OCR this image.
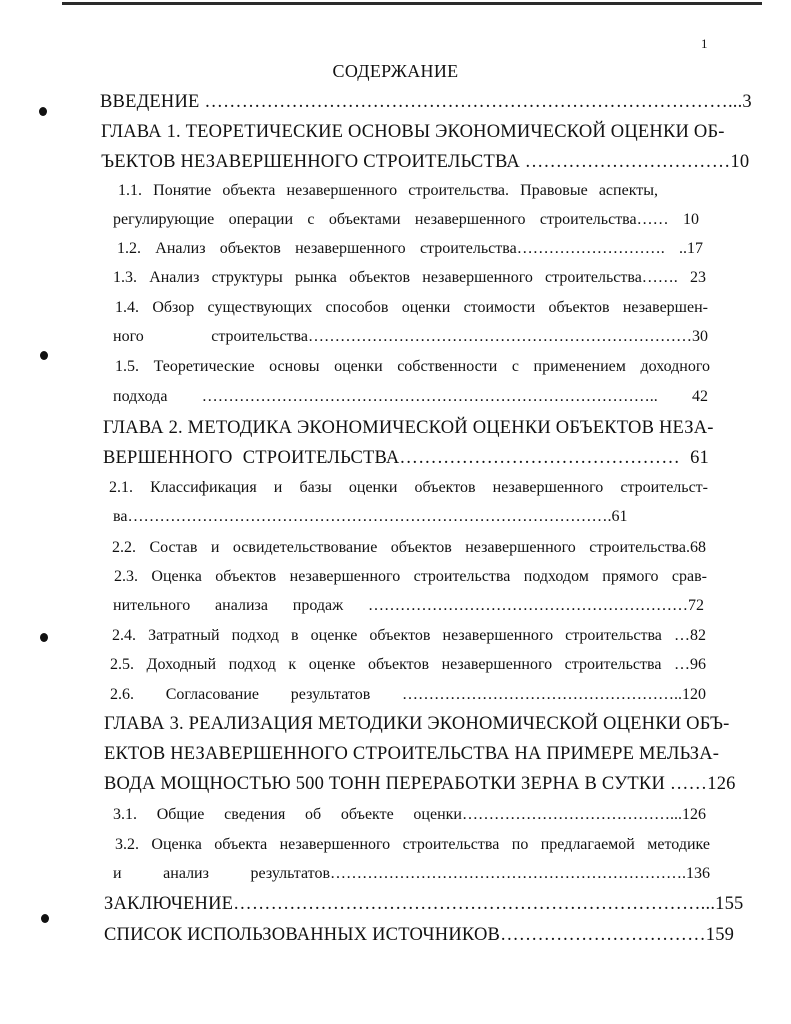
1
СОДЕРЖАНИЕ
ВВЕДЕНИЕ …………………………………………………………………………...3
ГЛАВА 1. ТЕОРЕТИЧЕСКИЕ ОСНОВЫ ЭКОНОМИЧЕСКОЙ ОЦЕНКИ ОБ-
ЪЕКТОВ НЕЗАВЕРШЕННОГО СТРОИТЕЛЬСТВА ……………………………10
1.1. Понятие объекта незавершенного строительства. Правовые аспекты,
регулирующие операции с объектами незавершенного строительства…… 10
1.2. Анализ объектов незавершенного строительства………………………. ..17
1.3. Анализ структуры рынка объектов незавершенного строительства……. 23
1.4. Обзор существующих способов оценки стоимости объектов незавершен-
ного строительства………………………………………………………………30
1.5. Теоретические основы оценки собственности с применением доходного
подхода ………………………………………………………………………….. 42
ГЛАВА 2. МЕТОДИКА ЭКОНОМИЧЕСКОЙ ОЦЕНКИ ОБЪЕКТОВ НЕЗА-
ВЕРШЕННОГО СТРОИТЕЛЬСТВА……………………………………… 61
2.1. Классификация и базы оценки объектов незавершенного строительст-
ва……………………………………………………………………………….61
2.2. Состав и освидетельствование объектов незавершенного строительства.68
2.3. Оценка объектов незавершенного строительства подходом прямого срав-
нительного анализа продаж ……………………………………………………72
2.4. Затратный подход в оценке объектов незавершенного строительства …82
2.5. Доходный подход к оценке объектов незавершенного строительства …96
2.6. Согласование результатов ……………………………………………..120
ГЛАВА 3. РЕАЛИЗАЦИЯ МЕТОДИКИ ЭКОНОМИЧЕСКОЙ ОЦЕНКИ ОБЪ-
ЕКТОВ НЕЗАВЕРШЕННОГО СТРОИТЕЛЬСТВА НА ПРИМЕРЕ МЕЛЬЗА-
ВОДА МОЩНОСТЬЮ 500 ТОНН ПЕРЕРАБОТКИ ЗЕРНА В СУТКИ ……126
3.1. Общие сведения об объекте оценки…………………………………...126
3.2. Оценка объекта незавершенного строительства по предлагаемой методике
и анализ результатов………………………………………………………….136
ЗАКЛЮЧЕНИЕ…………………………………………………………………...155
СПИСОК ИСПОЛЬЗОВАННЫХ ИСТОЧНИКОВ……………………………159
